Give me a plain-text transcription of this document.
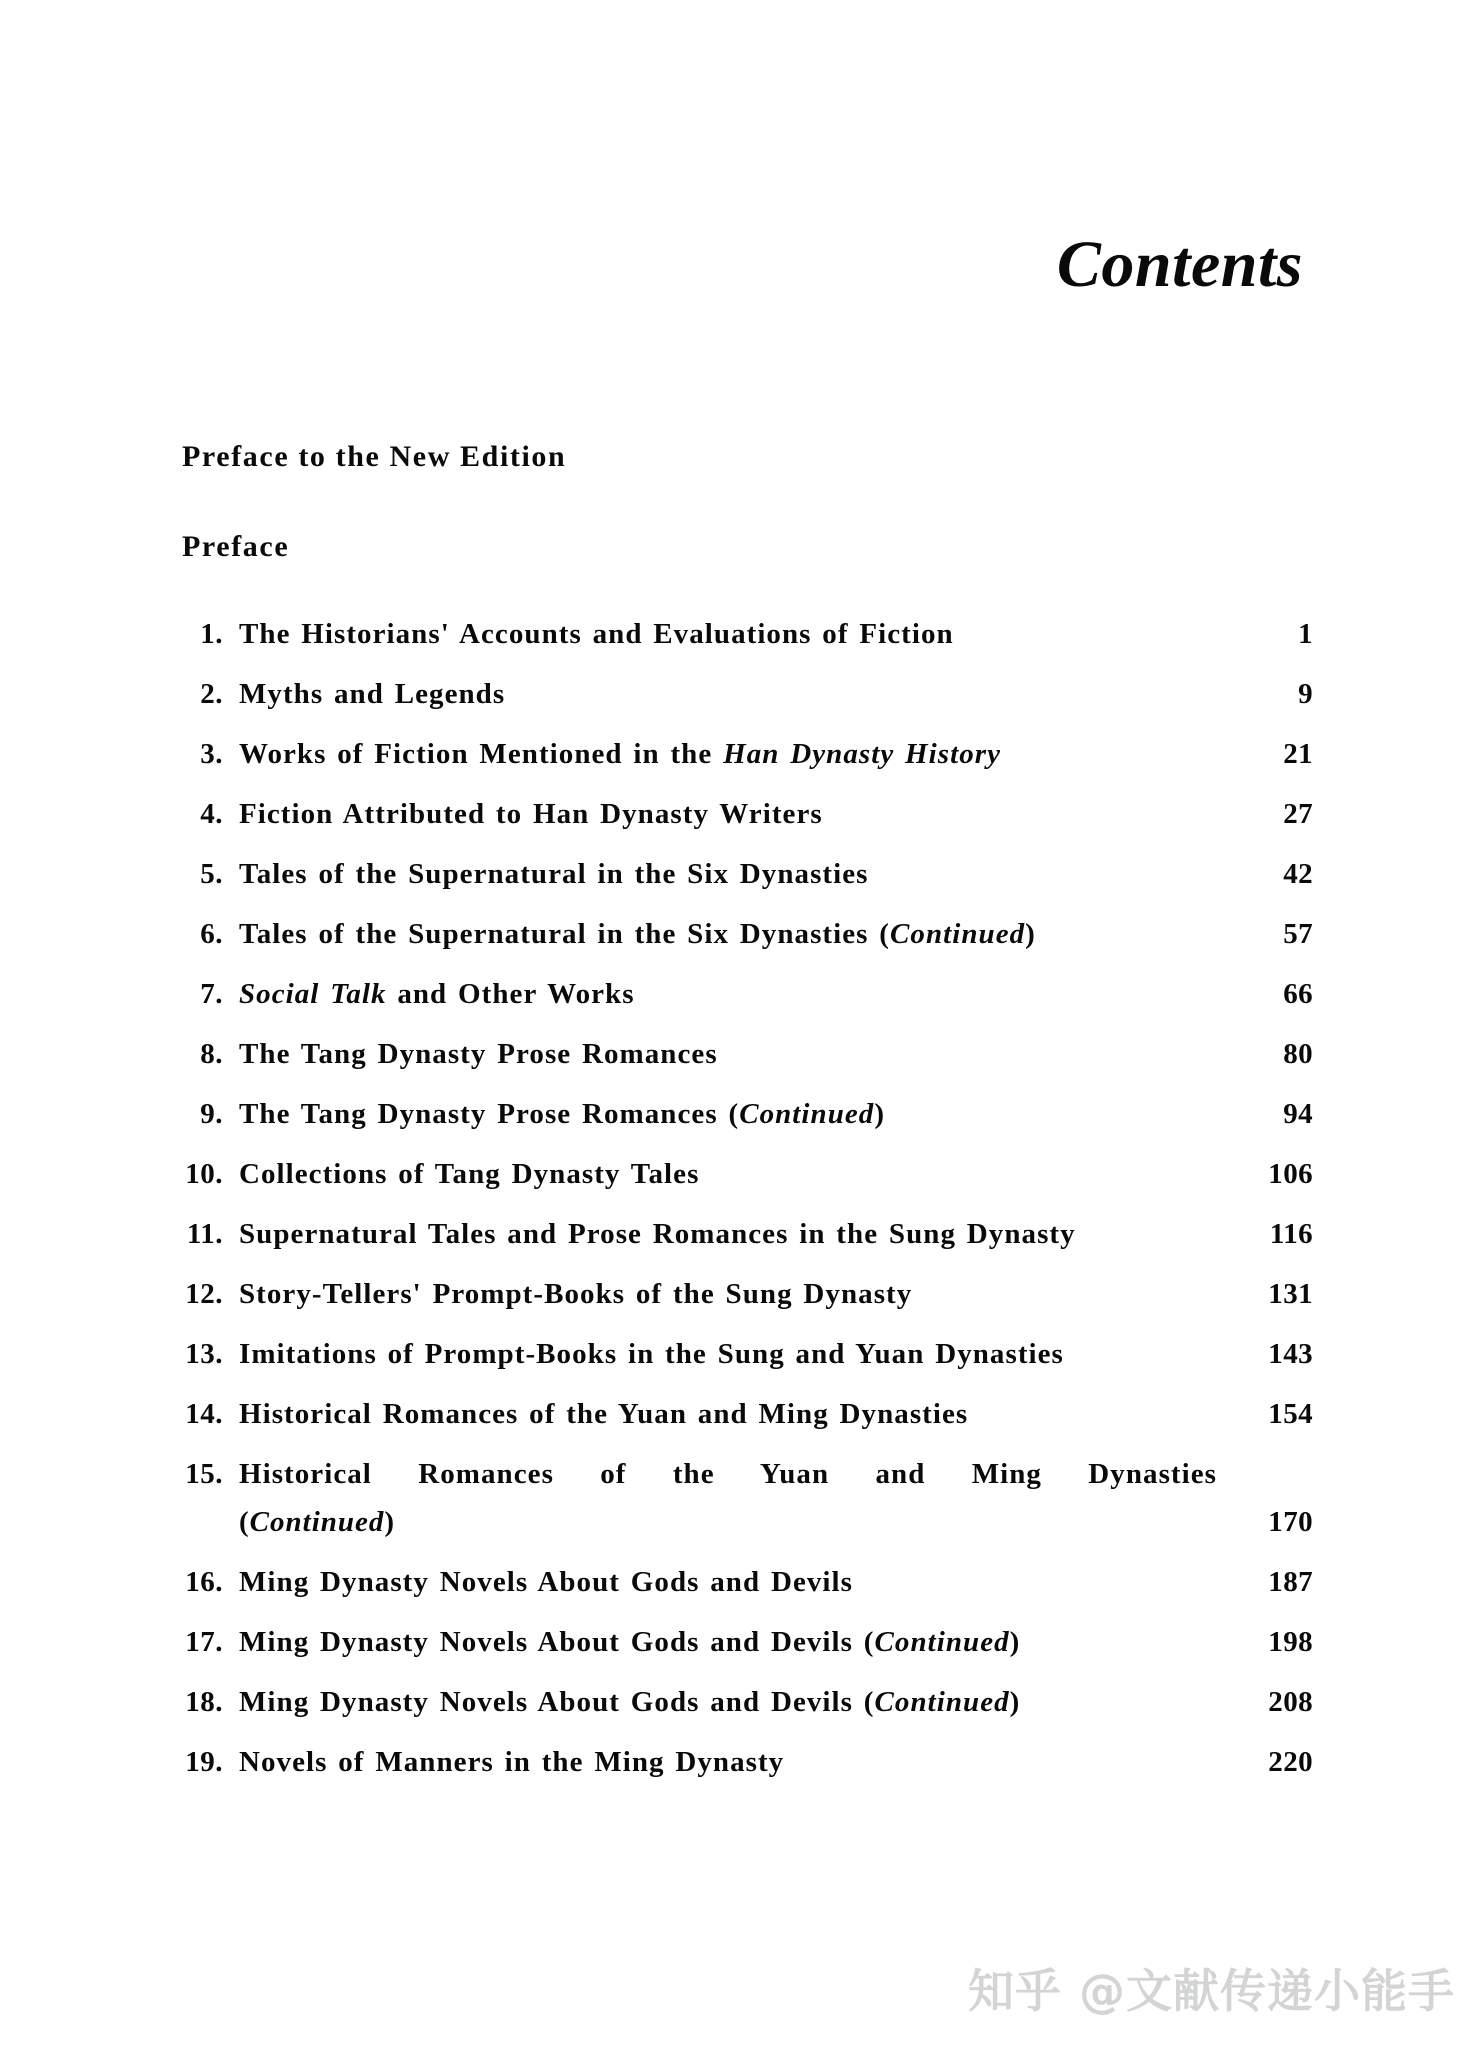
Contents
Preface to the New Edition
Preface
1. The Historians' Accounts and Evaluations of Fiction	1
2. Myths and Legends	9
3. Works of Fiction Mentioned in the Han Dynasty History	21
4. Fiction Attributed to Han Dynasty Writers	27
5. Tales of the Supernatural in the Six Dynasties	42
6. Tales of the Supernatural in the Six Dynasties (Continued)	57
7. Social Talk and Other Works	66
8. The Tang Dynasty Prose Romances	80
9. The Tang Dynasty Prose Romances (Continued)	94
10. Collections of Tang Dynasty Tales	106
11. Supernatural Tales and Prose Romances in the Sung Dynasty	116
12. Story-Tellers' Prompt-Books of the Sung Dynasty	131
13. Imitations of Prompt-Books in the Sung and Yuan Dynasties	143
14. Historical Romances of the Yuan and Ming Dynasties	154
15. Historical Romances of the Yuan and Ming Dynasties
(Continued)	170
16. Ming Dynasty Novels About Gods and Devils	187
17. Ming Dynasty Novels About Gods and Devils (Continued)	198
18. Ming Dynasty Novels About Gods and Devils (Continued)	208
19. Novels of Manners in the Ming Dynasty	220
知乎 @文献传递小能手
